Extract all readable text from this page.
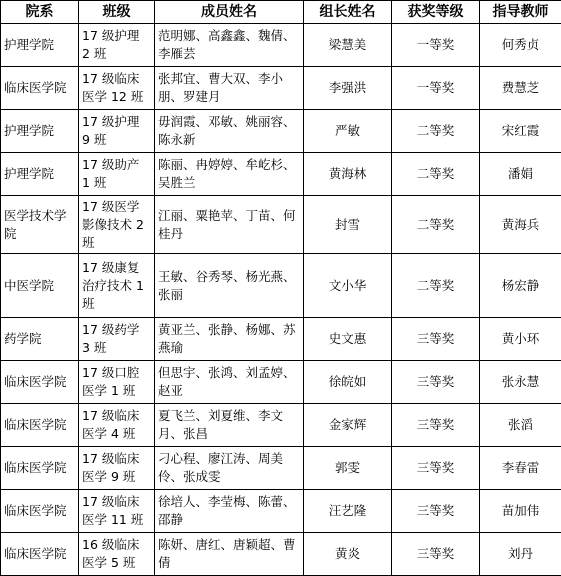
院系	班级	成员姓名	组长姓名	获奖等级	指导教师
护理学院	17 级护理 2 班	范明娜、高鑫鑫、魏倩、李雁芸	梁慧美	一等奖	何秀贞
临床医学院	17 级临床医学 12 班	张邦宜、曹大双、李小朋、罗建月	李强洪	一等奖	费慧芝
护理学院	17 级护理 9 班	毋润霞、邓敏、姚丽容、陈永新	严敏	二等奖	宋红霞
护理学院	17 级助产 1 班	陈丽、冉婷婷、牟屹杉、吴胜兰	黄海林	二等奖	潘娟
医学技术学院	17 级医学影像技术 2 班	江丽、粟艳苹、丁苗、何桂丹	封雪	二等奖	黄海兵
中医学院	17 级康复治疗技术 1 班	王敏、谷秀琴、杨光燕、张丽	文小华	二等奖	杨宏静
药学院	17 级药学 3 班	黄亚兰、张静、杨娜、苏燕瑜	史文惠	三等奖	黄小环
临床医学院	17 级口腔医学 1 班	但思宇、张鸿、刘孟婷、赵亚	徐皖如	三等奖	张永慧
临床医学院	17 级临床医学 4 班	夏飞兰、刘夏维、李文月、张昌	金家辉	三等奖	张滔
临床医学院	17 级临床医学 9 班	刁心程、廖江涛、周美伶、张成雯	郭雯	三等奖	李春雷
临床医学院	17 级临床医学 11 班	徐培人、李莹梅、陈蕾、邵静	汪艺隆	三等奖	苗加伟
临床医学院	16 级临床医学 5 班	陈妍、唐红、唐颖超、曹倩	黄炎	三等奖	刘丹
